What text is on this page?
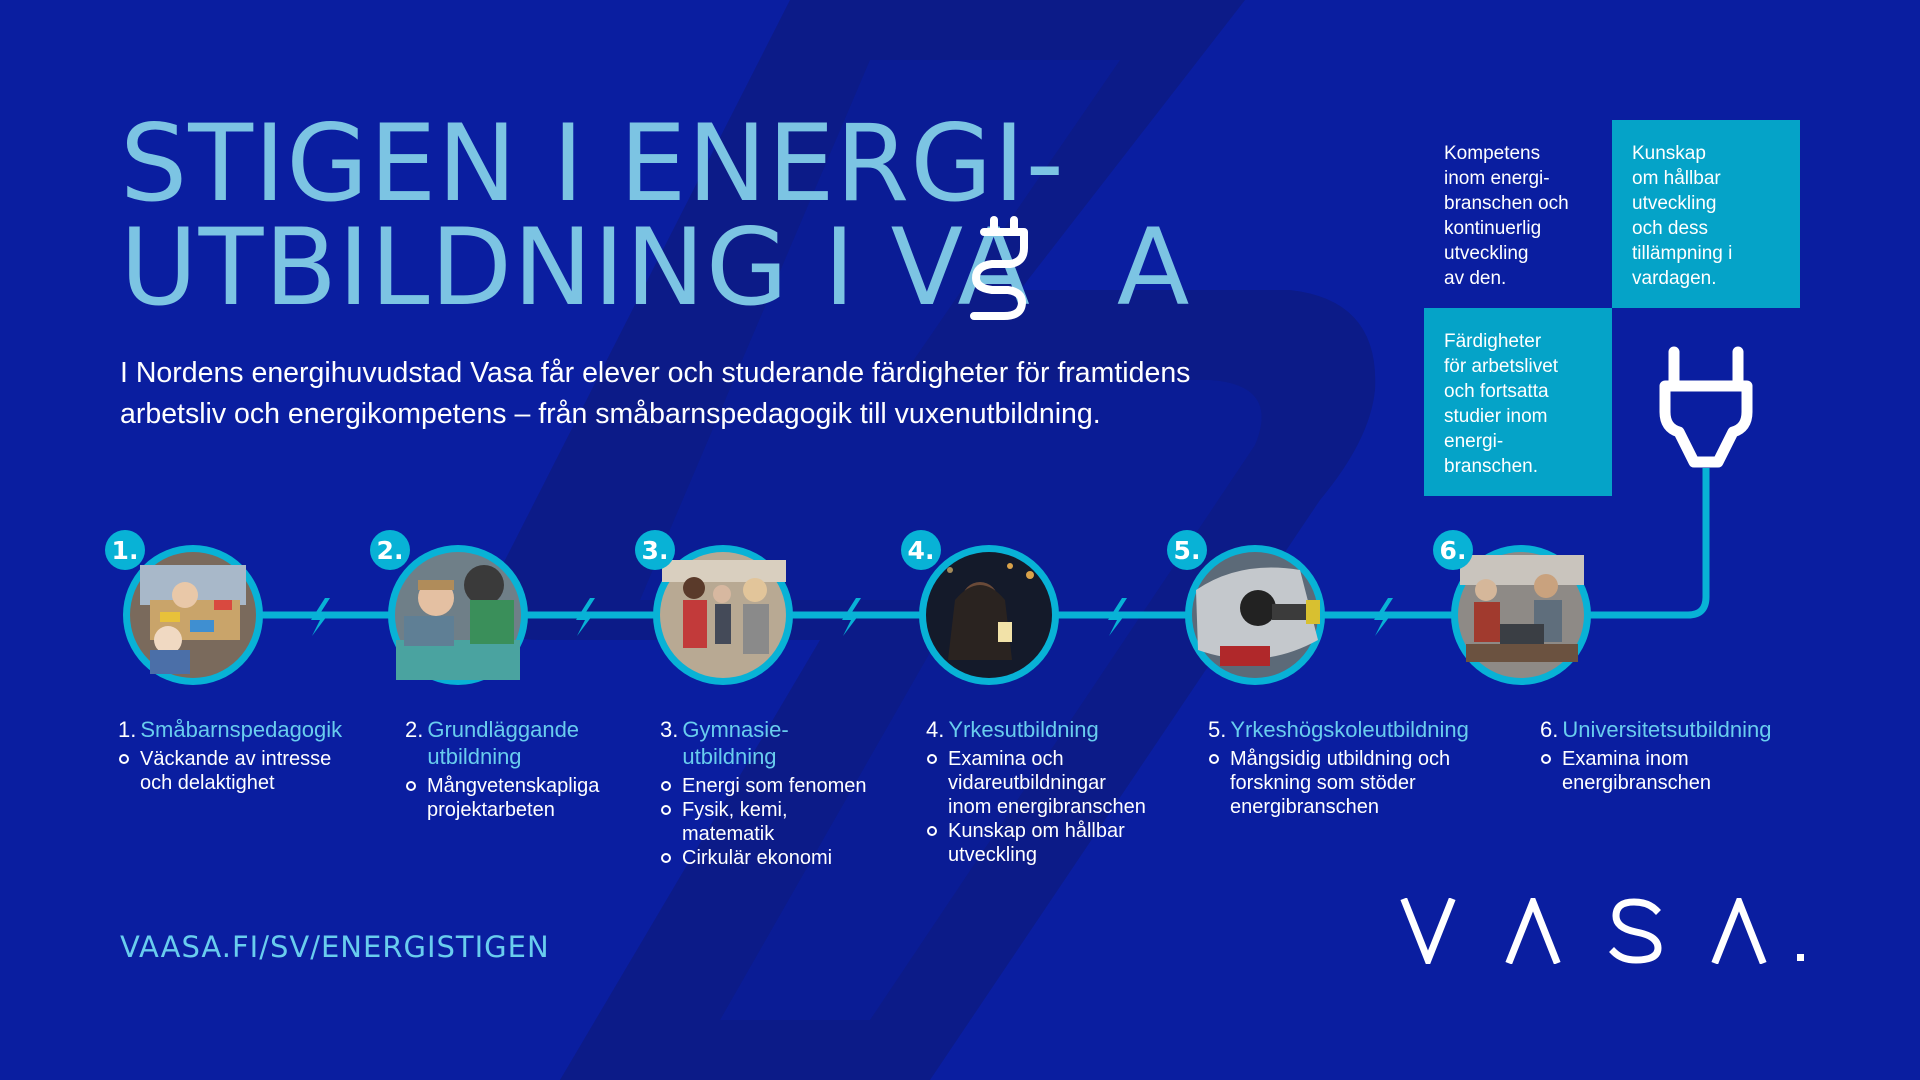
STIGEN I ENERGI-
UTBILDNING I VA A

I Nordens energihuvudstad Vasa får elever och studerande färdigheter för framtidens
arbetsliv och energikompetens – från småbarnspedagogik till vuxenutbildning.

Kompetens
inom energi-
branschen och
kontinuerlig
utveckling
av den.
Kunskap
om hållbar
utveckling
och dess
tillämpning i
vardagen.
Färdigheter
för arbetslivet
och fortsatta
studier inom
energi-
branschen.
1.	2.	3.	4.	5.	6.
1. Småbarnspedagogik
Väckande av intresse
och delaktighet
2. Grundläggande
utbildning
Mångvetenskapliga
projektarbeten
3. Gymnasie-
utbildning
Energi som fenomen
Fysik, kemi,
matematik
Cirkulär ekonomi
4. Yrkesutbildning
Examina och
vidareutbildningar
inom energibranschen
Kunskap om hållbar
utveckling
5. Yrkeshögskoleutbildning
Mångsidig utbildning och
forskning som stöder
energibranschen
6. Universitetsutbildning
Examina inom
energibranschen
VAASA.FI/SV/ENERGISTIGEN
